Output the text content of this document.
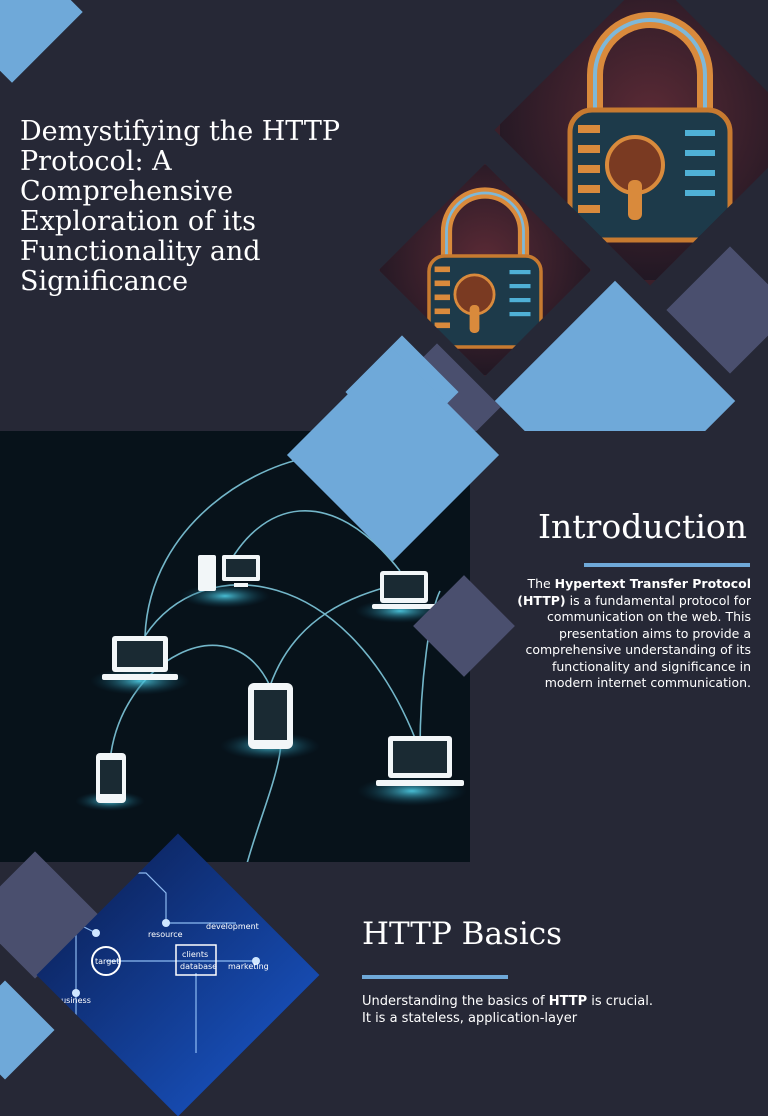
Demystifying the HTTP Protocol: A Comprehensive Exploration of its Functionality and Significance
Introduction

The Hypertext Transfer Protocol (HTTP) is a fundamental protocol for communication on the web. This presentation aims to provide a comprehensive understanding of its functionality and significance in modern internet communication.

seo
resource
development
target
clients
database
business
marketing
HTTP Basics

Understanding the basics of HTTP is crucial. It is a stateless, application-layer
